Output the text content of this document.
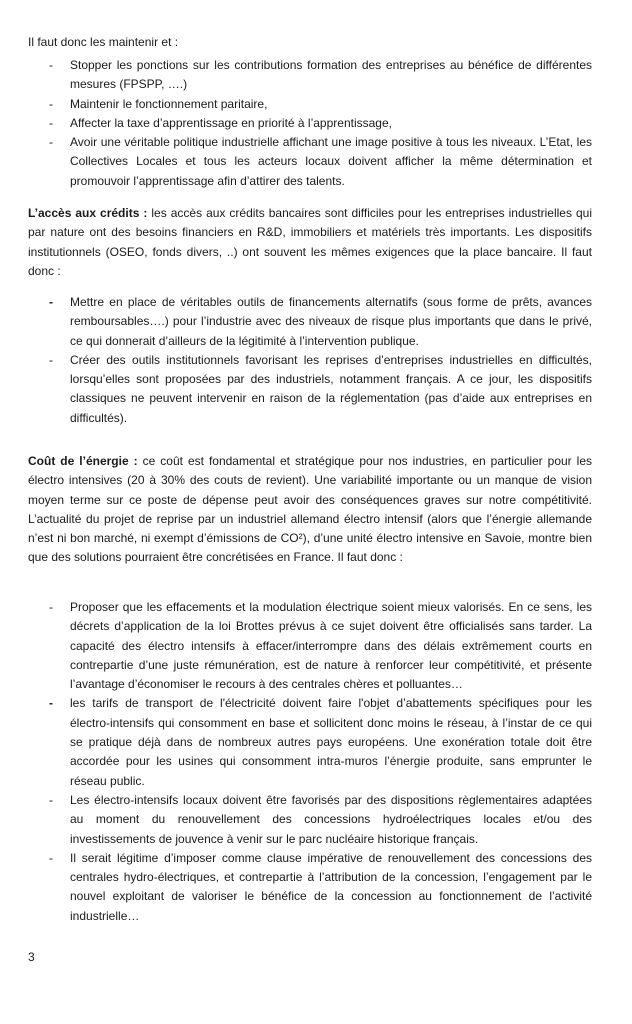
Il faut donc les maintenir et :

- Stopper les ponctions sur les contributions formation des entreprises au bénéfice de différentes mesures (FPSPP, ….)
- Maintenir le fonctionnement paritaire,
- Affecter la taxe d’apprentissage en priorité à l’apprentissage,
- Avoir une véritable politique industrielle affichant une image positive à tous les niveaux. L’Etat, les Collectives Locales et tous les acteurs locaux doivent afficher la même détermination et promouvoir l’apprentissage afin d’attirer des talents.

L’accès aux crédits : les accès aux crédits bancaires sont difficiles pour les entreprises industrielles qui par nature ont des besoins financiers en R&D, immobiliers et matériels très importants. Les dispositifs institutionnels (OSEO, fonds divers, ..) ont souvent les mêmes exigences que la place bancaire. Il faut donc :

- Mettre en place de véritables outils de financements alternatifs (sous forme de prêts, avances remboursables….) pour l’industrie avec des niveaux de risque plus importants que dans le privé, ce qui donnerait d’ailleurs de la légitimité à l’intervention publique.
- Créer des outils institutionnels favorisant les reprises d’entreprises industrielles en difficultés, lorsqu’elles sont proposées par des industriels, notamment français. A ce jour, les dispositifs classiques ne peuvent intervenir en raison de la réglementation (pas d’aide aux entreprises en difficultés).

Coût de l’énergie : ce coût est fondamental et stratégique pour nos industries, en particulier pour les électro intensives (20 à 30% des couts de revient). Une variabilité importante ou un manque de vision moyen terme sur ce poste de dépense peut avoir des conséquences graves sur notre compétitivité. L’actualité du projet de reprise par un industriel allemand électro intensif (alors que l’énergie allemande n’est ni bon marché, ni exempt d’émissions de CO²), d’une unité électro intensive en Savoie, montre bien que des solutions pourraient être concrétisées en France. Il faut donc :

- Proposer que les effacements et la modulation électrique soient mieux valorisés. En ce sens, les décrets d’application de la loi Brottes prévus à ce sujet doivent être officialisés sans tarder. La capacité des électro intensifs à effacer/interrompre dans des délais extrêmement courts en contrepartie d’une juste rémunération, est de nature à renforcer leur compétitivité, et présente l’avantage d’économiser le recours à des centrales chères et polluantes…
- les tarifs de transport de l'électricité doivent faire l'objet d’abattements spécifiques pour les électro-intensifs qui consomment en base et sollicitent donc moins le réseau, à l’instar de ce qui se pratique déjà dans de nombreux autres pays européens. Une exonération totale doit être accordée pour les usines qui consomment intra-muros l’énergie produite, sans emprunter le réseau public.
- Les électro-intensifs locaux doivent être favorisés par des dispositions règlementaires adaptées au moment du renouvellement des concessions hydroélectriques locales et/ou des investissements de jouvence à venir sur le parc nucléaire historique français.
- Il serait légitime d’imposer comme clause impérative de renouvellement des concessions des centrales hydro-électriques, et contrepartie à l’attribution de la concession, l’engagement par le nouvel exploitant de valoriser le bénéfice de la concession au fonctionnement de l’activité industrielle…
3
